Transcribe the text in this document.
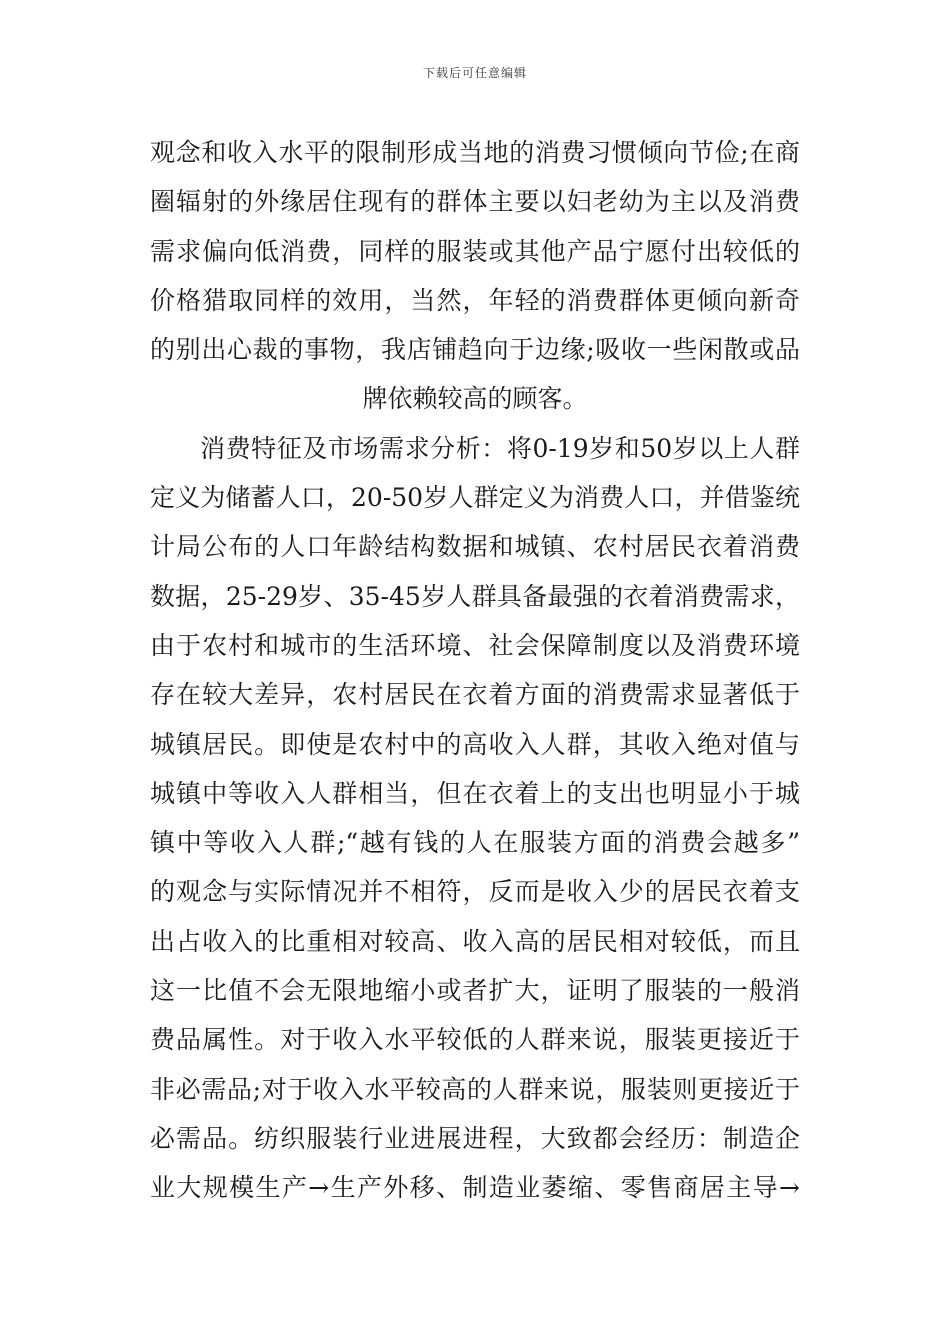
下载后可任意编辑
观念和收入水平的限制形成当地的消费习惯倾向节俭;在商
圈辐射的外缘居住现有的群体主要以妇老幼为主以及消费
需求偏向低消费，同样的服装或其他产品宁愿付出较低的
价格猎取同样的效用，当然，年轻的消费群体更倾向新奇
的别出心裁的事物，我店铺趋向于边缘;吸收一些闲散或品
牌依赖较高的顾客。
消费特征及市场需求分析：将0-19岁和50岁以上人群
定义为储蓄人口，20-50岁人群定义为消费人口，并借鉴统
计局公布的人口年龄结构数据和城镇、农村居民衣着消费
数据，25-29岁、35-45岁人群具备最强的衣着消费需求，
由于农村和城市的生活环境、社会保障制度以及消费环境
存在较大差异，农村居民在衣着方面的消费需求显著低于
城镇居民。即使是农村中的高收入人群，其收入绝对值与
城镇中等收入人群相当，但在衣着上的支出也明显小于城
镇中等收入人群;“越有钱的人在服装方面的消费会越多”
的观念与实际情况并不相符，反而是收入少的居民衣着支
出占收入的比重相对较高、收入高的居民相对较低，而且
这一比值不会无限地缩小或者扩大，证明了服装的一般消
费品属性。对于收入水平较低的人群来说，服装更接近于
非必需品;对于收入水平较高的人群来说，服装则更接近于
必需品。纺织服装行业进展进程，大致都会经历：制造企
业大规模生产→生产外移、制造业萎缩、零售商居主导→
